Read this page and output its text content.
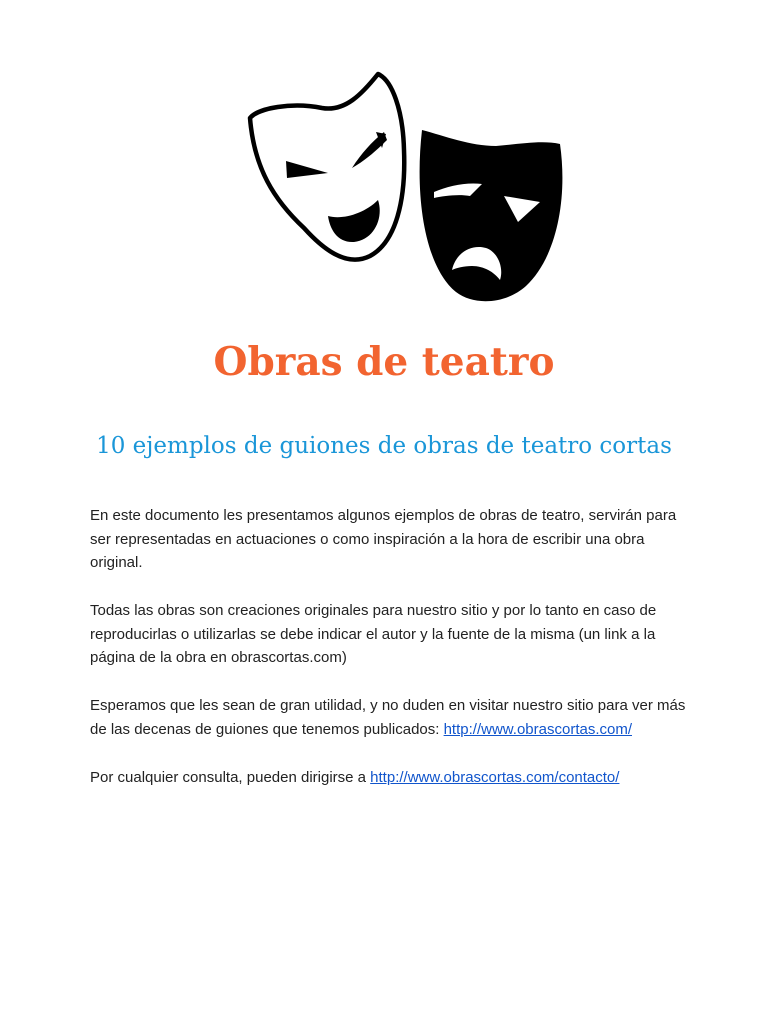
Obras de teatro
10 ejemplos de guiones de obras de teatro cortas

En este documento les presentamos algunos ejemplos de obras de teatro, servirán para ser representadas en actuaciones o como inspiración a la hora de escribir una obra original.

Todas las obras son creaciones originales para nuestro sitio y por lo tanto en caso de reproducirlas o utilizarlas se debe indicar el autor y la fuente de la misma (un link a la página de la obra en obrascortas.com)

Esperamos que les sean de gran utilidad, y no duden en visitar nuestro sitio para ver más de las decenas de guiones que tenemos publicados: http://www.obrascortas.com/

Por cualquier consulta, pueden dirigirse a http://www.obrascortas.com/contacto/
